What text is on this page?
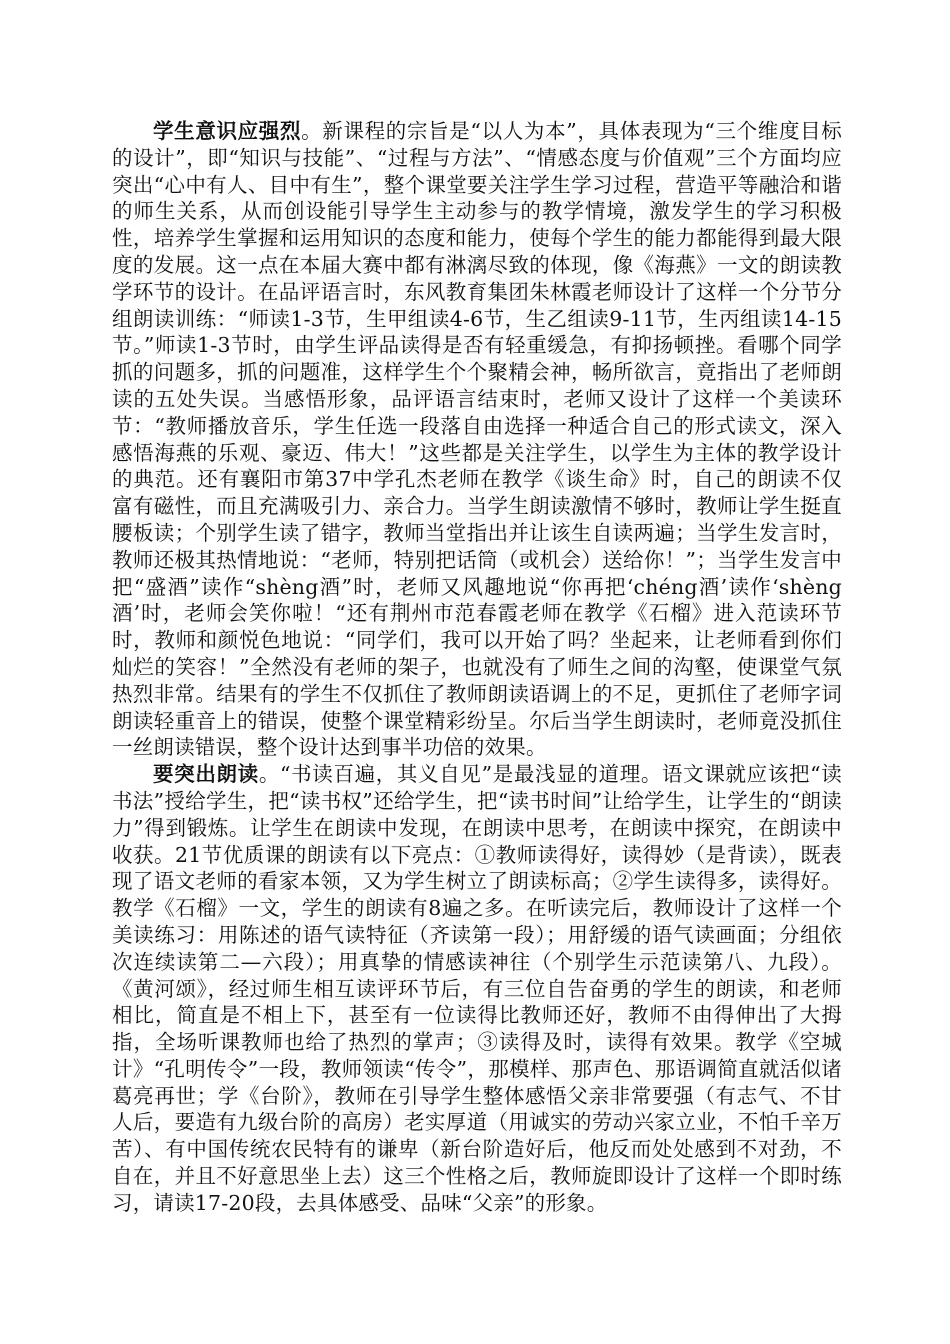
学生意识应强烈。新课程的宗旨是“以人为本”，具体表现为“三个维度目标的设计”，即“知识与技能”、“过程与方法”、“情感态度与价值观”三个方面均应突出“心中有人、目中有生”，整个课堂要关注学生学习过程，营造平等融洽和谐的师生关系，从而创设能引导学生主动参与的教学情境，激发学生的学习积极性，培养学生掌握和运用知识的态度和能力，使每个学生的能力都能得到最大限度的发展。这一点在本届大赛中都有淋漓尽致的体现，像《海燕》一文的朗读教学环节的设计。在品评语言时，东风教育集团朱林霞老师设计了这样一个分节分组朗读训练：“师读1-3节，生甲组读4-6节，生乙组读9-11节，生丙组读14-15节。”师读1-3节时，由学生评品读得是否有轻重缓急，有抑扬顿挫。看哪个同学抓的问题多，抓的问题准，这样学生个个聚精会神，畅所欲言，竟指出了老师朗读的五处失误。当感悟形象，品评语言结束时，老师又设计了这样一个美读环节：“教师播放音乐，学生任选一段落自由选择一种适合自己的形式读文，深入感悟海燕的乐观、豪迈、伟大！”这些都是关注学生，以学生为主体的教学设计的典范。还有襄阳市第37中学孔杰老师在教学《谈生命》时，自己的朗读不仅富有磁性，而且充满吸引力、亲合力。当学生朗读激情不够时，教师让学生挺直腰板读；个别学生读了错字，教师当堂指出并让该生自读两遍；当学生发言时，教师还极其热情地说：“老师，特别把话筒（或机会）送给你！”；当学生发言中把“盛酒”读作“shèng酒”时，老师又风趣地说“你再把‘chéng酒’读作‘shèng酒’时，老师会笑你啦！“还有荆州市范春霞老师在教学《石榴》进入范读环节时，教师和颜悦色地说：“同学们，我可以开始了吗？坐起来，让老师看到你们灿烂的笑容！”全然没有老师的架子，也就没有了师生之间的沟壑，使课堂气氛热烈非常。结果有的学生不仅抓住了教师朗读语调上的不足，更抓住了老师字词朗读轻重音上的错误，使整个课堂精彩纷呈。尔后当学生朗读时，老师竟没抓住一丝朗读错误，整个设计达到事半功倍的效果。

要突出朗读。“书读百遍，其义自见”是最浅显的道理。语文课就应该把“读书法”授给学生，把“读书权”还给学生，把“读书时间”让给学生，让学生的“朗读力”得到锻炼。让学生在朗读中发现，在朗读中思考，在朗读中探究，在朗读中收获。21节优质课的朗读有以下亮点：①教师读得好，读得妙（是背读），既表现了语文老师的看家本领，又为学生树立了朗读标高；②学生读得多，读得好。教学《石榴》一文，学生的朗读有8遍之多。在听读完后，教师设计了这样一个美读练习：用陈述的语气读特征（齐读第一段）；用舒缓的语气读画面；分组依次连续读第二—六段）；用真挚的情感读神往（个别学生示范读第八、九段）。《黄河颂》，经过师生相互读评环节后，有三位自告奋勇的学生的朗读，和老师相比，简直是不相上下，甚至有一位读得比教师还好，教师不由得伸出了大拇指，全场听课教师也给了热烈的掌声；③读得及时，读得有效果。教学《空城计》“孔明传令”一段，教师领读“传令”，那模样、那声色、那语调简直就活似诸葛亮再世；学《台阶》，教师在引导学生整体感悟父亲非常要强（有志气、不甘人后，要造有九级台阶的高房）老实厚道（用诚实的劳动兴家立业，不怕千辛万苦）、有中国传统农民特有的谦卑（新台阶造好后，他反而处处感到不对劲，不自在，并且不好意思坐上去）这三个性格之后，教师旋即设计了这样一个即时练习，请读17-20段，去具体感受、品味“父亲”的形象。
